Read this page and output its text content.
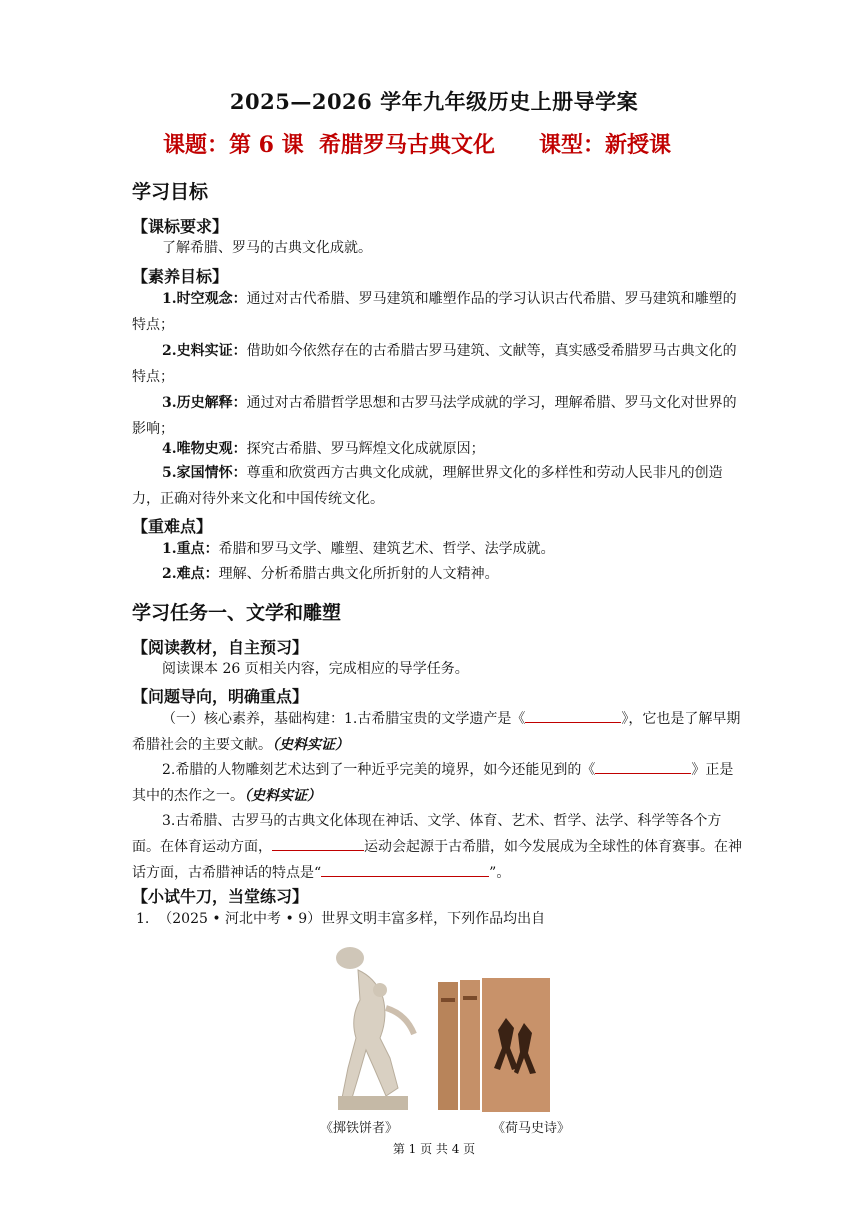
2025—2026 学年九年级历史上册导学案
课题：第 6 课 希腊罗马古典文化 课型：新授课
学习目标
【课标要求】
了解希腊、罗马的古典文化成就。
【素养目标】
1.时空观念：通过对古代希腊、罗马建筑和雕塑作品的学习认识古代希腊、罗马建筑和雕塑的特点；
2.史料实证：借助如今依然存在的古希腊古罗马建筑、文献等，真实感受希腊罗马古典文化的特点；
3.历史解释：通过对古希腊哲学思想和古罗马法学成就的学习，理解希腊、罗马文化对世界的影响；
4.唯物史观：探究古希腊、罗马辉煌文化成就原因；
5.家国情怀：尊重和欣赏西方古典文化成就，理解世界文化的多样性和劳动人民非凡的创造力，正确对待外来文化和中国传统文化。
【重难点】
1.重点：希腊和罗马文学、雕塑、建筑艺术、哲学、法学成就。
2.难点：理解、分析希腊古典文化所折射的人文精神。
学习任务一、文学和雕塑
【阅读教材，自主预习】
阅读课本 26 页相关内容，完成相应的导学任务。
【问题导向，明确重点】
（一）核心素养，基础构建：1.古希腊宝贵的文学遗产是《	》，它也是了解早期希腊社会的主要文献。（史料实证）
2.希腊的人物雕刻艺术达到了一种近乎完美的境界，如今还能见到的《	》正是其中的杰作之一。（史料实证）
3.古希腊、古罗马的古典文化体现在神话、文学、体育、艺术、哲学、法学、科学等各个方面。在体育运动方面，	运动会起源于古希腊，如今发展成为全球性的体育赛事。在神话方面，古希腊神话的特点是“	”。
【小试牛刀，当堂练习】
1. （2025 • 河北中考 • 9）世界文明丰富多样，下列作品均出自
《掷铁饼者》	《荷马史诗》
第 1 页 共 4 页
